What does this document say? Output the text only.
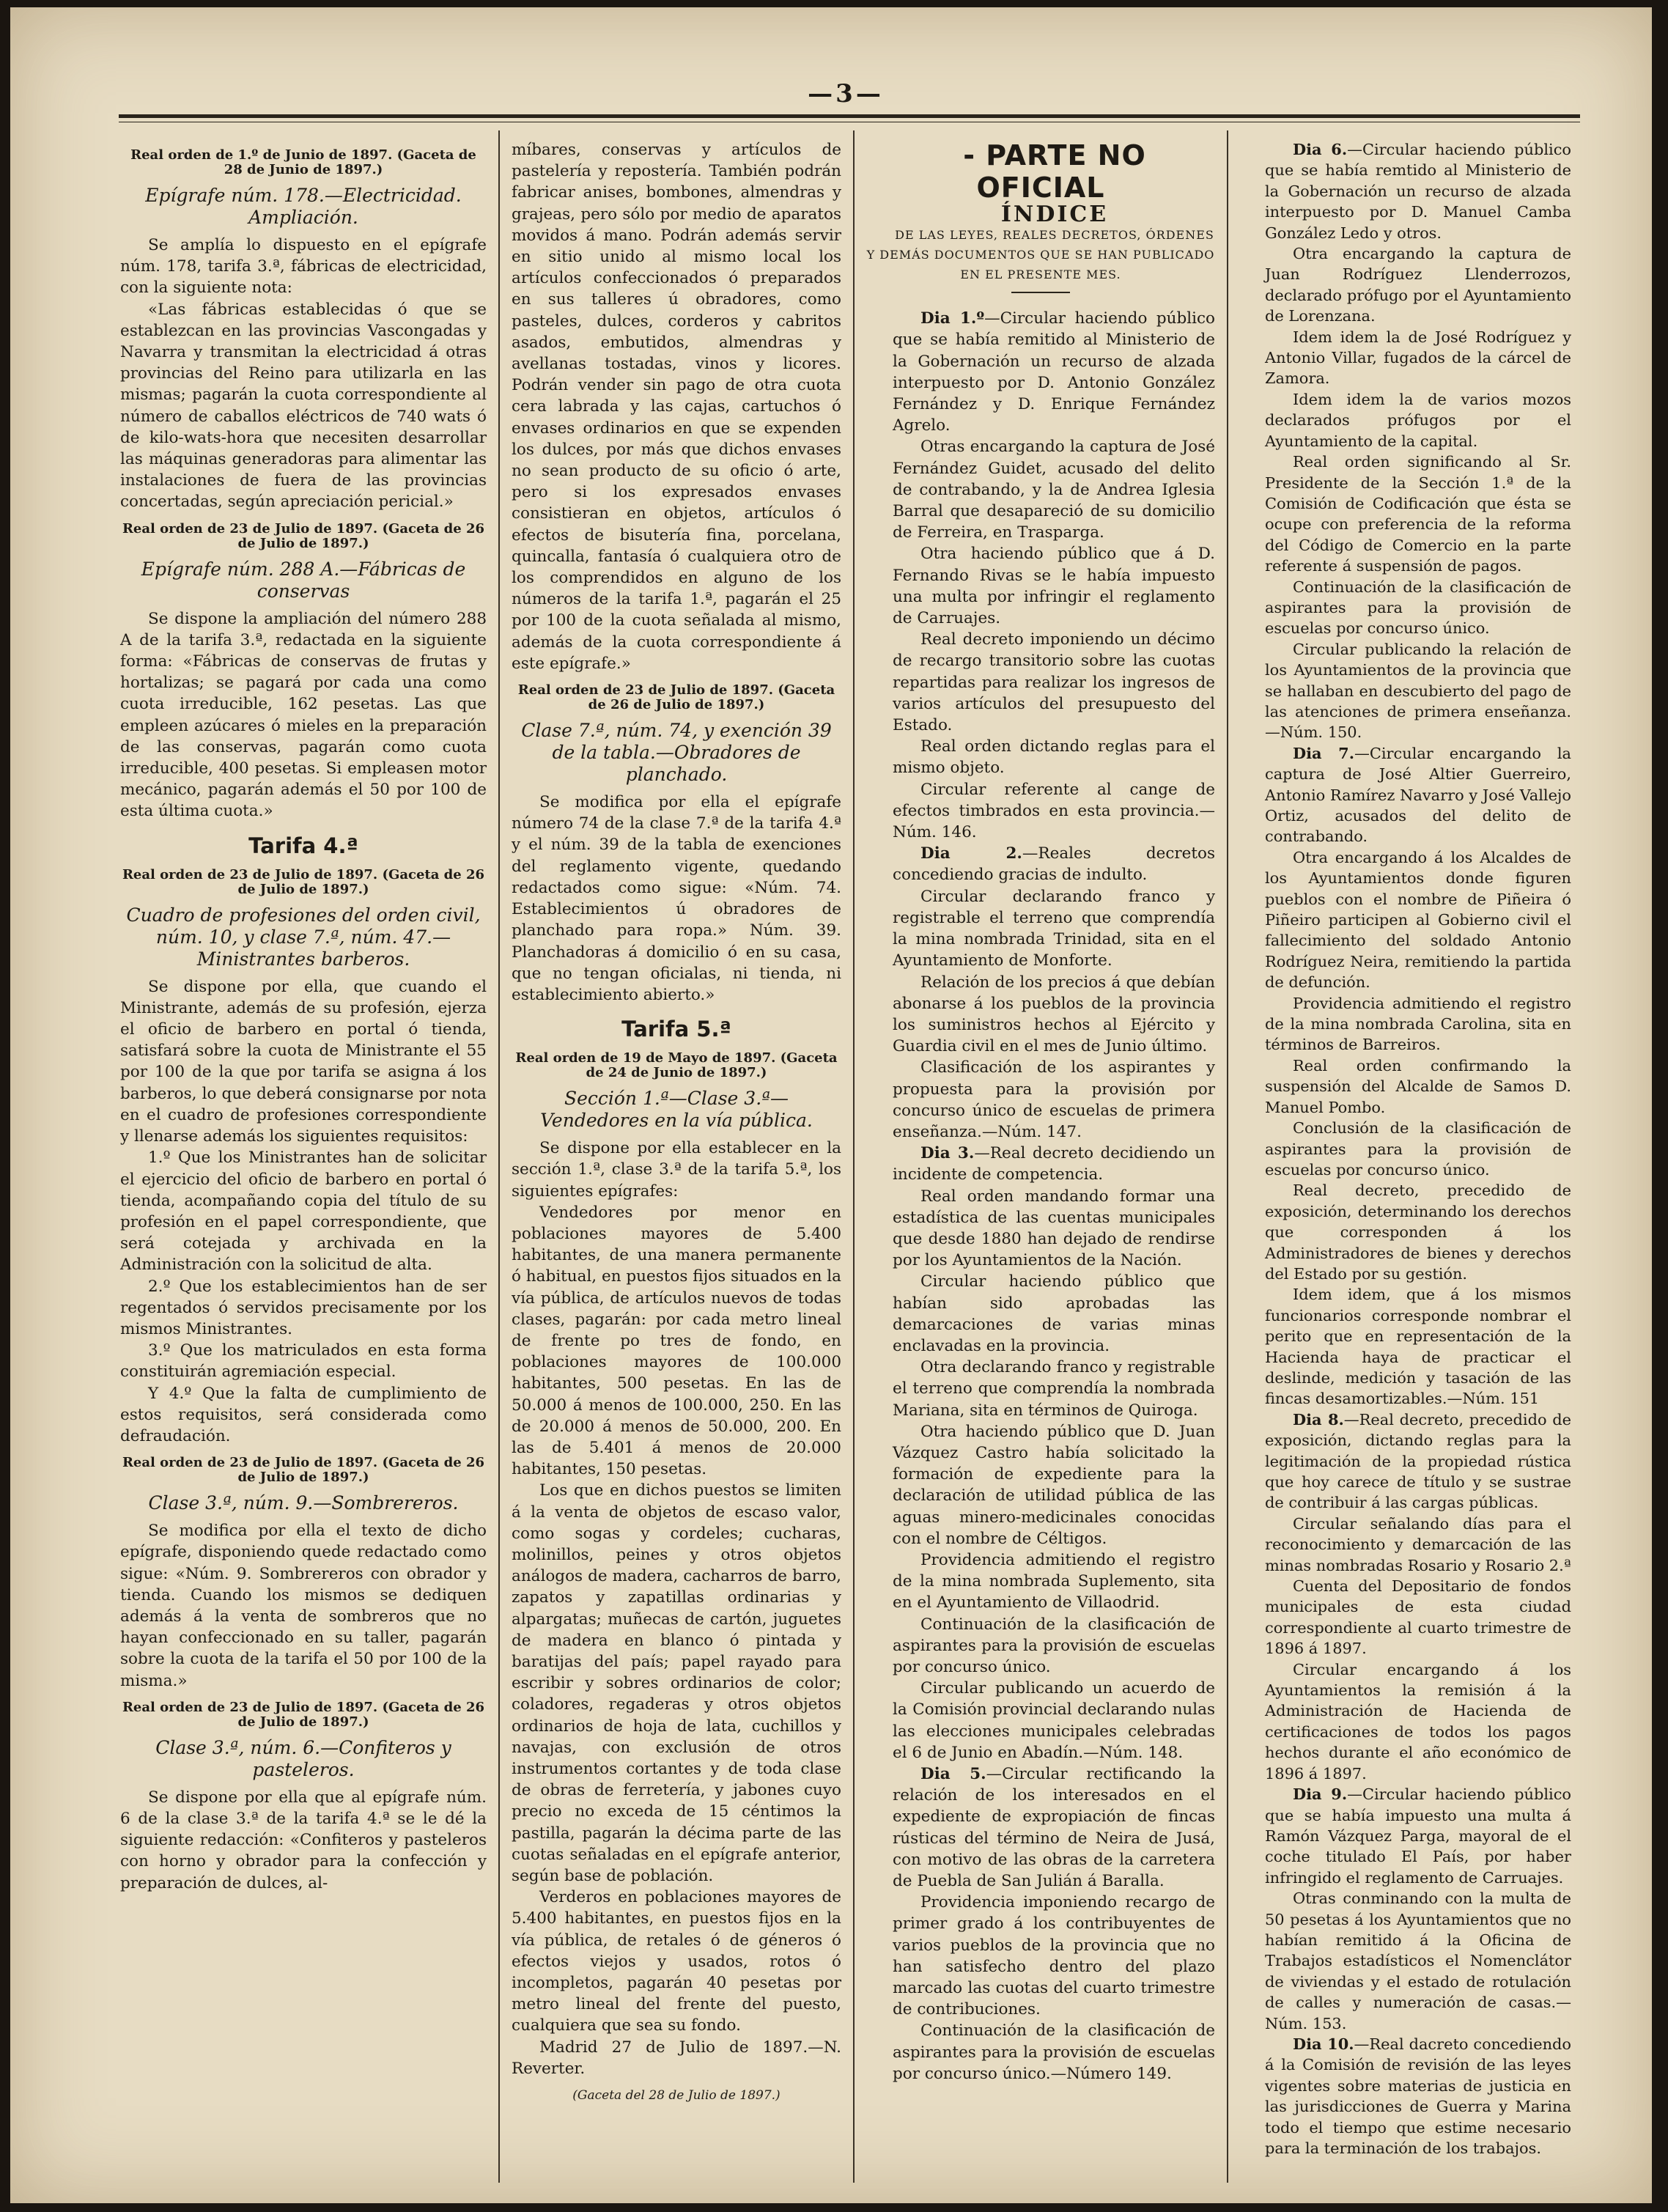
—3—

Real orden de 1.º de Junio de 1897. (Gaceta de 28 de Junio de 1897.)

Epígrafe núm. 178.—Electricidad. Ampliación.

Se amplía lo dispuesto en el epígrafe núm. 178, tarifa 3.ª, fábricas de electricidad, con la siguiente nota:

«Las fábricas establecidas ó que se establezcan en las provincias Vascongadas y Navarra y transmitan la electricidad á otras provincias del Reino para utilizarla en las mismas; pagarán la cuota correspondiente al número de caballos eléctricos de 740 wats ó de kilo-wats-hora que necesiten desarrollar las máquinas generadoras para alimentar las instalaciones de fuera de las provincias concertadas, según apreciación pericial.»

Real orden de 23 de Julio de 1897. (Gaceta de 26 de Julio de 1897.)

Epígrafe núm. 288 A.—Fábricas de conservas

Se dispone la ampliación del número 288 A de la tarifa 3.ª, redactada en la siguiente forma: «Fábricas de conservas de frutas y hortalizas; se pagará por cada una como cuota irreducible, 162 pesetas. Las que empleen azúcares ó mieles en la preparación de las conservas, pagarán como cuota irreducible, 400 pesetas. Si empleasen motor mecánico, pagarán además el 50 por 100 de esta última cuota.»

Tarifa 4.ª

Real orden de 23 de Julio de 1897. (Gaceta de 26 de Julio de 1897.)

Cuadro de profesiones del orden civil, núm. 10, y clase 7.ª, núm. 47.—Ministrantes barberos.

Se dispone por ella, que cuando el Ministrante, además de su profesión, ejerza el oficio de barbero en portal ó tienda, satisfará sobre la cuota de Ministrante el 55 por 100 de la que por tarifa se asigna á los barberos, lo que deberá consignarse por nota en el cuadro de profesiones correspondiente y llenarse además los siguientes requisitos:

1.º Que los Ministrantes han de solicitar el ejercicio del oficio de barbero en portal ó tienda, acompañando copia del título de su profesión en el papel correspondiente, que será cotejada y archivada en la Administración con la solicitud de alta.

2.º Que los establecimientos han de ser regentados ó servidos precisamente por los mismos Ministrantes.

3.º Que los matriculados en esta forma constituirán agremiación especial.

Y 4.º Que la falta de cumplimiento de estos requisitos, será considerada como defraudación.

Real orden de 23 de Julio de 1897. (Gaceta de 26 de Julio de 1897.)

Clase 3.ª, núm. 9.—Sombrereros.

Se modifica por ella el texto de dicho epígrafe, disponiendo quede redactado como sigue: «Núm. 9. Sombrereros con obrador y tienda. Cuando los mismos se dediquen además á la venta de sombreros que no hayan confeccionado en su taller, pagarán sobre la cuota de la tarifa el 50 por 100 de la misma.»

Real orden de 23 de Julio de 1897. (Gaceta de 26 de Julio de 1897.)

Clase 3.ª, núm. 6.—Confiteros y pasteleros.

Se dispone por ella que al epígrafe núm. 6 de la clase 3.ª de la tarifa 4.ª se le dé la siguiente redacción: «Confiteros y pasteleros con horno y obrador para la confección y preparación de dulces, al-

míbares, conservas y artículos de pastelería y repostería. También podrán fabricar anises, bombones, almendras y grajeas, pero sólo por medio de aparatos movidos á mano. Podrán además servir en sitio unido al mismo local los artículos confeccionados ó preparados en sus talleres ú obradores, como pasteles, dulces, corderos y cabritos asados, embutidos, almendras y avellanas tostadas, vinos y licores. Podrán vender sin pago de otra cuota cera labrada y las cajas, cartuchos ó envases ordinarios en que se expenden los dulces, por más que dichos envases no sean producto de su oficio ó arte, pero si los expresados envases consistieran en objetos, artículos ó efectos de bisutería fina, porcelana, quincalla, fantasía ó cualquiera otro de los comprendidos en alguno de los números de la tarifa 1.ª, pagarán el 25 por 100 de la cuota señalada al mismo, además de la cuota correspondiente á este epígrafe.»

Real orden de 23 de Julio de 1897. (Gaceta de 26 de Julio de 1897.)

Clase 7.ª, núm. 74, y exención 39 de la tabla.—Obradores de planchado.

Se modifica por ella el epígrafe número 74 de la clase 7.ª de la tarifa 4.ª y el núm. 39 de la tabla de exenciones del reglamento vigente, quedando redactados como sigue: «Núm. 74. Establecimientos ú obradores de planchado para ropa.» Núm. 39. Planchadoras á domicilio ó en su casa, que no tengan oficialas, ni tienda, ni establecimiento abierto.»

Tarifa 5.ª

Real orden de 19 de Mayo de 1897. (Gaceta de 24 de Junio de 1897.)

Sección 1.ª—Clase 3.ª—Vendedores en la vía pública.

Se dispone por ella establecer en la sección 1.ª, clase 3.ª de la tarifa 5.ª, los siguientes epígrafes:

Vendedores por menor en poblaciones mayores de 5.400 habitantes, de una manera permanente ó habitual, en puestos fijos situados en la vía pública, de artículos nuevos de todas clases, pagarán: por cada metro lineal de frente po tres de fondo, en poblaciones mayores de 100.000 habitantes, 500 pesetas. En las de 50.000 á menos de 100.000, 250. En las de 20.000 á menos de 50.000, 200. En las de 5.401 á menos de 20.000 habitantes, 150 pesetas.

Los que en dichos puestos se limiten á la venta de objetos de escaso valor, como sogas y cordeles; cucharas, molinillos, peines y otros objetos análogos de madera, cacharros de barro, zapatos y zapatillas ordinarias y alpargatas; muñecas de cartón, juguetes de madera en blanco ó pintada y baratijas del país; papel rayado para escribir y sobres ordinarios de color; coladores, regaderas y otros objetos ordinarios de hoja de lata, cuchillos y navajas, con exclusión de otros instrumentos cortantes y de toda clase de obras de ferretería, y jabones cuyo precio no exceda de 15 céntimos la pastilla, pagarán la décima parte de las cuotas señaladas en el epígrafe anterior, según base de población.

Verderos en poblaciones mayores de 5.400 habitantes, en puestos fijos en la vía pública, de retales ó de géneros ó efectos viejos y usados, rotos ó incompletos, pagarán 40 pesetas por metro lineal del frente del puesto, cualquiera que sea su fondo.

Madrid 27 de Julio de 1897.—N. Reverter.

(Gaceta del 28 de Julio de 1897.)

- PARTE NO OFICIAL

ÍNDICE

DE LAS LEYES, REALES DECRETOS, ÓRDENES Y DEMÁS DOCUMENTOS QUE SE HAN PUBLICADO EN EL PRESENTE MES.

Dia 1.º—Circular haciendo público que se había remitido al Ministerio de la Gobernación un recurso de alzada interpuesto por D. Antonio González Fernández y D. Enrique Fernández Agrelo.

Otras encargando la captura de José Fernández Guidet, acusado del delito de contrabando, y la de Andrea Iglesia Barral que desapareció de su domicilio de Ferreira, en Trasparga.

Otra haciendo público que á D. Fernando Rivas se le había impuesto una multa por infringir el reglamento de Carruajes.

Real decreto imponiendo un décimo de recargo transitorio sobre las cuotas repartidas para realizar los ingresos de varios artículos del presupuesto del Estado.

Real orden dictando reglas para el mismo objeto.

Circular referente al cange de efectos timbrados en esta provincia.—Núm. 146.

Dia 2.—Reales decretos concediendo gracias de indulto.

Circular declarando franco y registrable el terreno que comprendía la mina nombrada Trinidad, sita en el Ayuntamiento de Monforte.

Relación de los precios á que debían abonarse á los pueblos de la provincia los suministros hechos al Ejército y Guardia civil en el mes de Junio último.

Clasificación de los aspirantes y propuesta para la provisión por concurso único de escuelas de primera enseñanza.—Núm. 147.

Dia 3.—Real decreto decidiendo un incidente de competencia.

Real orden mandando formar una estadística de las cuentas municipales que desde 1880 han dejado de rendirse por los Ayuntamientos de la Nación.

Circular haciendo público que habían sido aprobadas las demarcaciones de varias minas enclavadas en la provincia.

Otra declarando franco y registrable el terreno que comprendía la nombrada Mariana, sita en términos de Quiroga.

Otra haciendo público que D. Juan Vázquez Castro había solicitado la formación de expediente para la declaración de utilidad pública de las aguas minero-medicinales conocidas con el nombre de Céltigos.

Providencia admitiendo el registro de la mina nombrada Suplemento, sita en el Ayuntamiento de Villaodrid.

Continuación de la clasificación de aspirantes para la provisión de escuelas por concurso único.

Circular publicando un acuerdo de la Comisión provincial declarando nulas las elecciones municipales celebradas el 6 de Junio en Abadín.—Núm. 148.

Dia 5.—Circular rectificando la relación de los interesados en el expediente de expropiación de fincas rústicas del término de Neira de Jusá, con motivo de las obras de la carretera de Puebla de San Julián á Baralla.

Providencia imponiendo recargo de primer grado á los contribuyentes de varios pueblos de la provincia que no han satisfecho dentro del plazo marcado las cuotas del cuarto trimestre de contribuciones.

Continuación de la clasificación de aspirantes para la provisión de escuelas por concurso único.—Número 149.

Dia 6.—Circular haciendo público que se había remtido al Ministerio de la Gobernación un recurso de alzada interpuesto por D. Manuel Camba González Ledo y otros.

Otra encargando la captura de Juan Rodríguez Llenderrozos, declarado prófugo por el Ayuntamiento de Lorenzana.

Idem idem la de José Rodríguez y Antonio Villar, fugados de la cárcel de Zamora.

Idem idem la de varios mozos declarados prófugos por el Ayuntamiento de la capital.

Real orden significando al Sr. Presidente de la Sección 1.ª de la Comisión de Codificación que ésta se ocupe con preferencia de la reforma del Código de Comercio en la parte referente á suspensión de pagos.

Continuación de la clasificación de aspirantes para la provisión de escuelas por concurso único.

Circular publicando la relación de los Ayuntamientos de la provincia que se hallaban en descubierto del pago de las atenciones de primera enseñanza.—Núm. 150.

Dia 7.—Circular encargando la captura de José Altier Guerreiro, Antonio Ramírez Navarro y José Vallejo Ortiz, acusados del delito de contrabando.

Otra encargando á los Alcaldes de los Ayuntamientos donde figuren pueblos con el nombre de Piñeira ó Piñeiro participen al Gobierno civil el fallecimiento del soldado Antonio Rodríguez Neira, remitiendo la partida de defunción.

Providencia admitiendo el registro de la mina nombrada Carolina, sita en términos de Barreiros.

Real orden confirmando la suspensión del Alcalde de Samos D. Manuel Pombo.

Conclusión de la clasificación de aspirantes para la provisión de escuelas por concurso único.

Real decreto, precedido de exposición, determinando los derechos que corresponden á los Administradores de bienes y derechos del Estado por su gestión.

Idem idem, que á los mismos funcionarios corresponde nombrar el perito que en representación de la Hacienda haya de practicar el deslinde, medición y tasación de las fincas desamortizables.—Núm. 151

Dia 8.—Real decreto, precedido de exposición, dictando reglas para la legitimación de la propiedad rústica que hoy carece de título y se sustrae de contribuir á las cargas públicas.

Circular señalando días para el reconocimiento y demarcación de las minas nombradas Rosario y Rosario 2.ª

Cuenta del Depositario de fondos municipales de esta ciudad correspondiente al cuarto trimestre de 1896 á 1897.

Circular encargando á los Ayuntamientos la remisión á la Administración de Hacienda de certificaciones de todos los pagos hechos durante el año económico de 1896 á 1897.

Dia 9.—Circular haciendo público que se había impuesto una multa á Ramón Vázquez Parga, mayoral de el coche titulado El País, por haber infringido el reglamento de Carruajes.

Otras conminando con la multa de 50 pesetas á los Ayuntamientos que no habían remitido á la Oficina de Trabajos estadísticos el Nomenclátor de viviendas y el estado de rotulación de calles y numeración de casas.—Núm. 153.

Dia 10.—Real dacreto concediendo á la Comisión de revisión de las leyes vigentes sobre materias de justicia en las jurisdicciones de Guerra y Marina todo el tiempo que estime necesario para la terminación de los trabajos.
